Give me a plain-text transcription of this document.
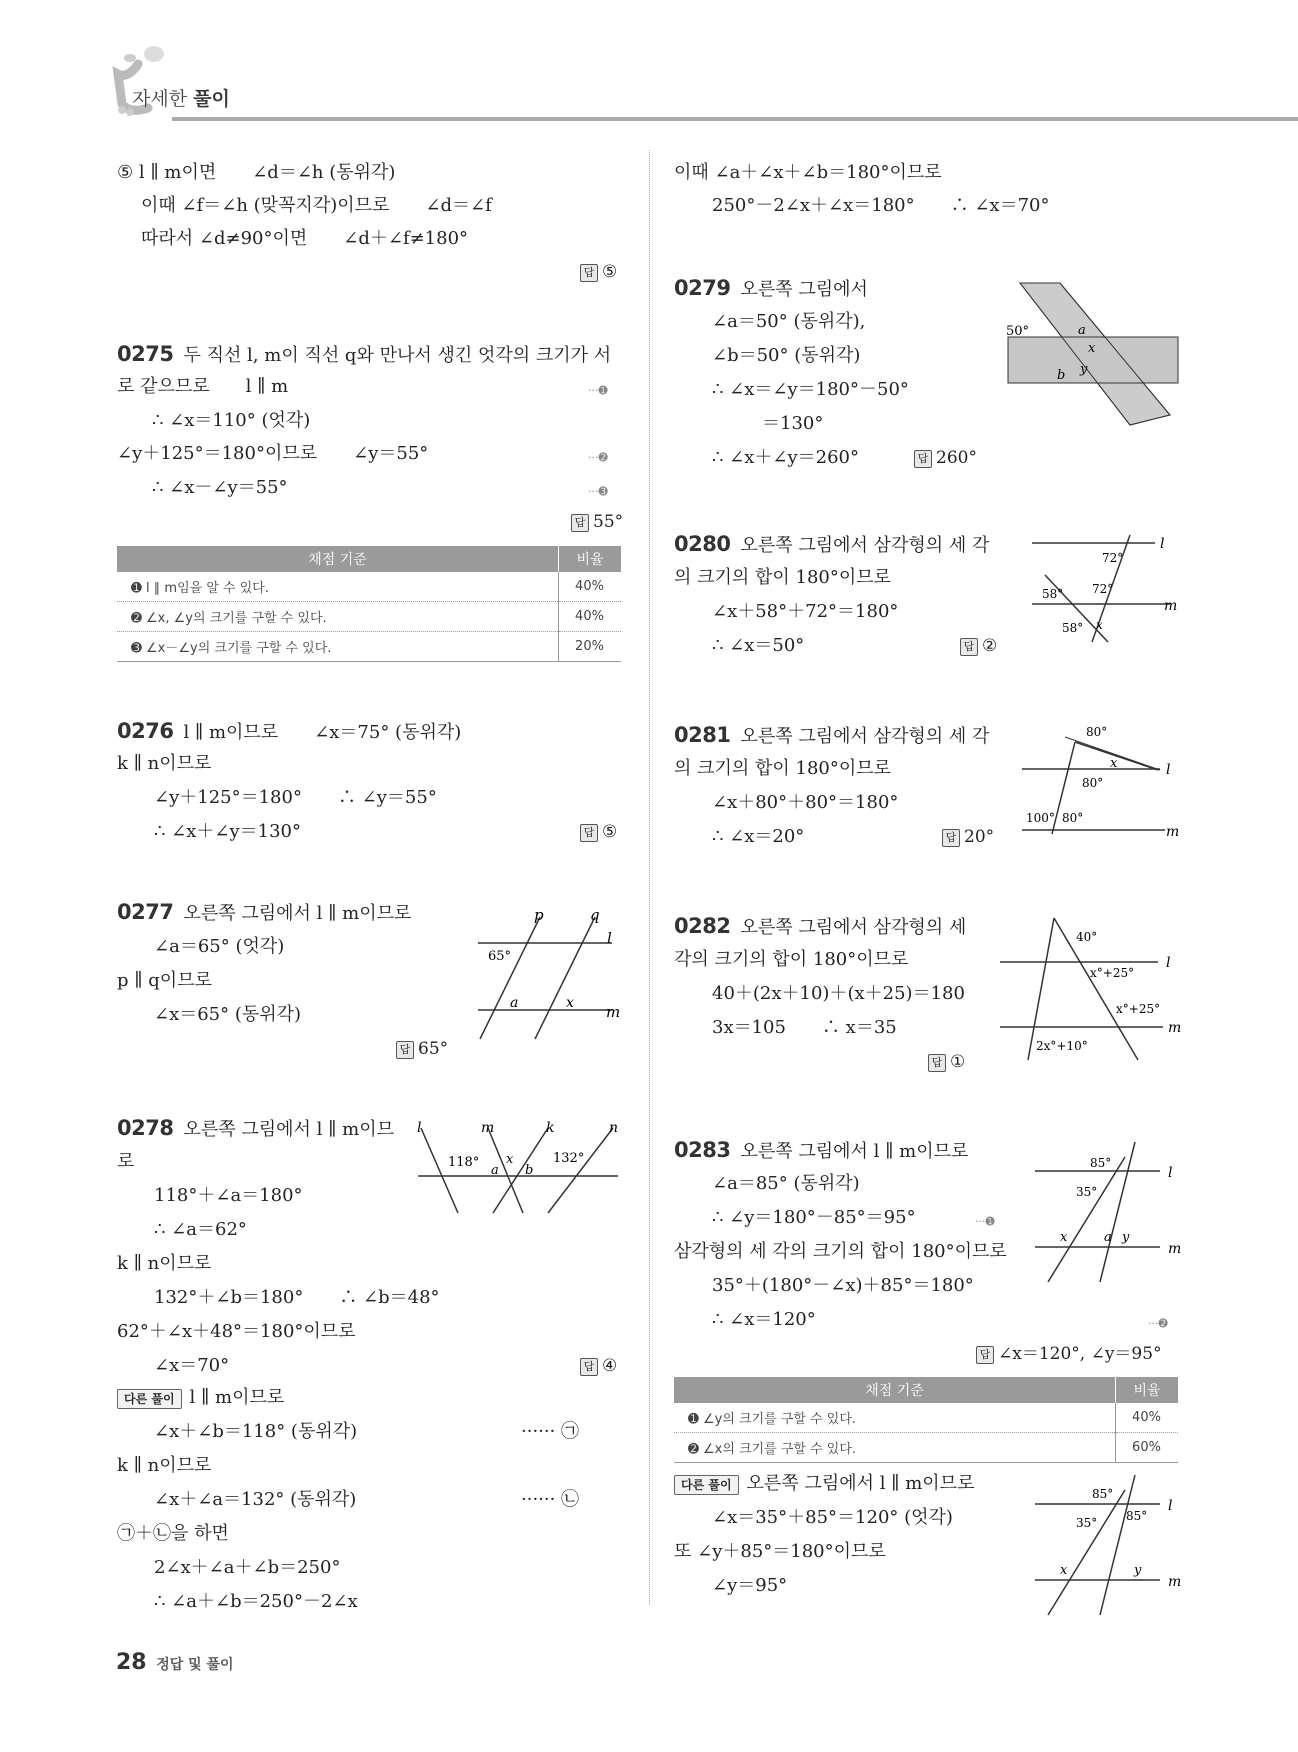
자세한 풀이
⑤ l ∥ m이면　　∠d＝∠h (동위각)
이때 ∠f＝∠h (맞꼭지각)이므로　　∠d＝∠f
따라서 ∠d≠90°이면　　∠d＋∠f≠180°
답 ⑤
0275 두 직선 l, m이 직선 q와 만나서 생긴 엇각의 크기가 서
로 같으므로　　l ∥ m	···➊
∴ ∠x＝110° (엇각)
∠y＋125°＝180°이므로　　∠y＝55°	···➋
∴ ∠x－∠y＝55°	···➌
답 55°
채점 기준	비율
➊ l ∥ m임을 알 수 있다.	40%
➋ ∠x, ∠y의 크기를 구할 수 있다.	40%
➌ ∠x－∠y의 크기를 구할 수 있다.	20%
0276 l ∥ m이므로　　∠x＝75° (동위각)
k ∥ n이므로
∠y＋125°＝180°　　∴ ∠y＝55°
∴ ∠x＋∠y＝130°	답 ⑤
0277 오른쪽 그림에서 l ∥ m이므로
∠a＝65° (엇각)
p ∥ q이므로
∠x＝65° (동위각)
답 65°
p	q
l
m
65°
a	x
0278 오른쪽 그림에서 l ∥ m이므
로
118°＋∠a＝180°
∴ ∠a＝62°
k ∥ n이므로
132°＋∠b＝180°　　∴ ∠b＝48°
62°＋∠x＋48°＝180°이므로
∠x＝70°	답 ④
l	m	k	n
118°
a
x
b
132°
다른 풀이 l ∥ m이므로
∠x＋∠b＝118° (동위각)	······ ㉠
k ∥ n이므로
∠x＋∠a＝132° (동위각)	······ ㉡
㉠＋㉡을 하면
2∠x＋∠a＋∠b＝250°
∴ ∠a＋∠b＝250°－2∠x
이때 ∠a＋∠x＋∠b＝180°이므로
250°－2∠x＋∠x＝180°　　∴ ∠x＝70°
0279 오른쪽 그림에서
∠a＝50° (동위각),
∠b＝50° (동위각)
∴ ∠x＝∠y＝180°－50°
＝130°
∴ ∠x＋∠y＝260°	답 260°
50°	a
x
b y
0280 오른쪽 그림에서 삼각형의 세 각
의 크기의 합이 180°이므로
∠x＋58°＋72°＝180°
∴ ∠x＝50°	답 ②
l
72°
58° 72°
m
58° x
0281 오른쪽 그림에서 삼각형의 세 각
의 크기의 합이 180°이므로
∠x＋80°＋80°＝180°
∴ ∠x＝20°	답 20°
80°
x	l
80°
100° 80°
m
0282 오른쪽 그림에서 삼각형의 세
각의 크기의 합이 180°이므로
40＋(2x＋10)＋(x＋25)＝180
3x＝105　　∴ x＝35
답 ①
40°
l
x°+25°
x°+25°
m
2x°+10°
0283 오른쪽 그림에서 l ∥ m이므로
∠a＝85° (동위각)
∴ ∠y＝180°－85°＝95°	···➊
삼각형의 세 각의 크기의 합이 180°이므로
35°＋(180°－∠x)＋85°＝180°
∴ ∠x＝120°	···➋
답 ∠x＝120°, ∠y＝95°
85°
l
35°
x	a y
m
채점 기준	비율
➊ ∠y의 크기를 구할 수 있다.	40%
➋ ∠x의 크기를 구할 수 있다.	60%
다른 풀이 오른쪽 그림에서 l ∥ m이므로
∠x＝35°＋85°＝120° (엇각)
또 ∠y＋85°＝180°이므로
∠y＝95°
85°
l
35° 85°
x	y
m
28 정답 및 풀이
